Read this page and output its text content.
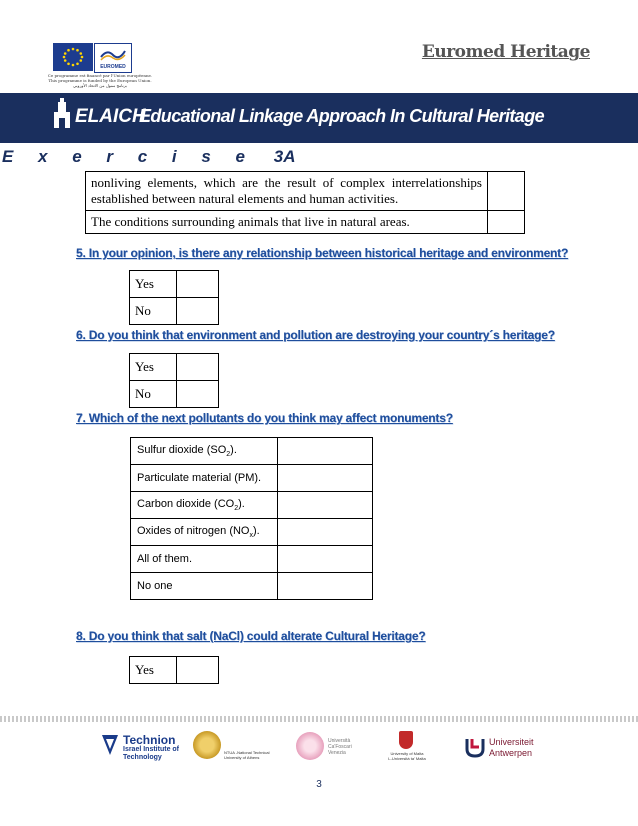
EUROMED
Ce programme est financé par l'Union européenne. This programme is funded by the European Union. برنامج ممول من الاتحاد الأوروبي
Euromed Heritage
ELAICH
Educational Linkage Approach In Cultural Heritage
E x e r c i s e 3A
nonliving elements, which are the result of complex interrelationships established between natural elements and human activities.	
The conditions surrounding animals that live in natural areas.	
5. In your opinion, is there any relationship between historical heritage and environment?
Yes	
No	
6. Do you think that environment and pollution are destroying your country´s heritage?
Yes	
No	
7. Which of the next pollutants do you think may affect monuments?
Sulfur dioxide $(SO_2)$.	
Particulate material (PM).	
Carbon dioxide $(CO_2)$.	
Oxides of nitrogen $(NO_x)$.	
All of them.	
No one	
8. Do you think that salt (NaCl) could alterate Cultural Heritage?
Yes	
Technion
Israel Institute of
Technology
NTUA -National Technical
University of Athens
Università
Ca'Foscari
Venezia	University of Malta
L-Università ta' Malta
Universiteit
Antwerpen
3
